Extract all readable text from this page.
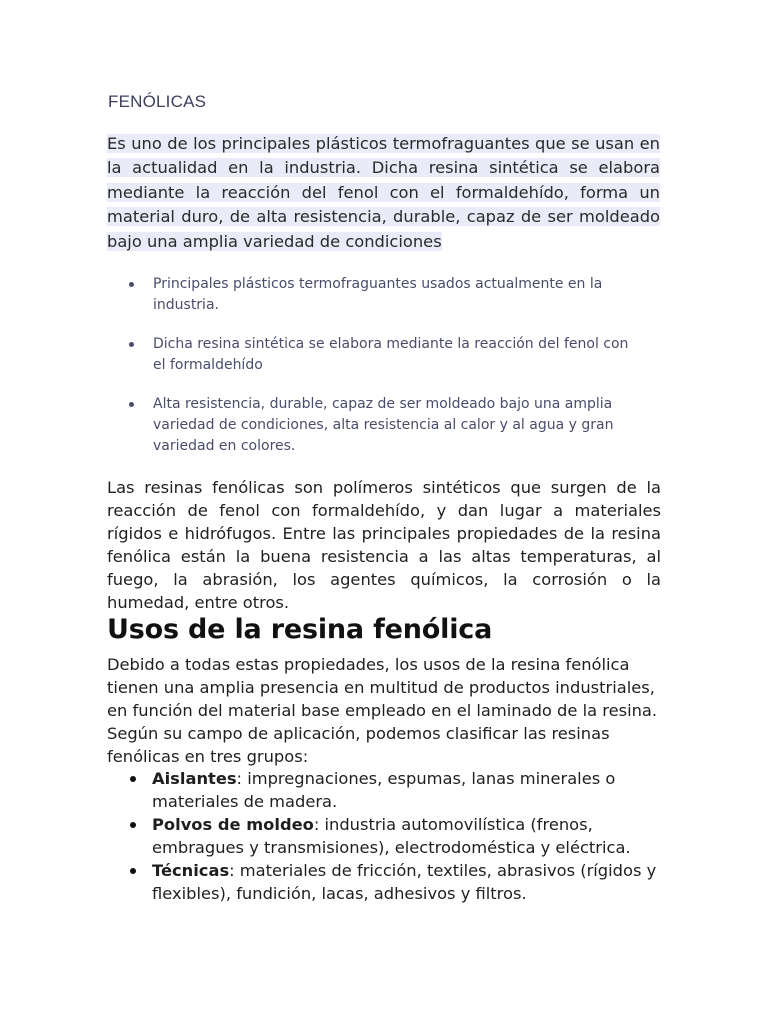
FENÓLICAS
Es uno de los principales plásticos termofraguantes que se usan en la actualidad en la industria. Dicha resina sintética se elabora mediante la reacción del fenol con el formaldehído, forma un material duro, de alta resistencia, durable, capaz de ser moldeado bajo una amplia variedad de condiciones
Principales plásticos termofraguantes usados actualmente en la industria.
Dicha resina sintética se elabora mediante la reacción del fenol con el formaldehído
Alta resistencia, durable, capaz de ser moldeado bajo una amplia variedad de condiciones, alta resistencia al calor y al agua y gran variedad en colores.
Las resinas fenólicas son polímeros sintéticos que surgen de la reacción de fenol con formaldehído, y dan lugar a materiales rígidos e hidrófugos. Entre las principales propiedades de la resina fenólica están la buena resistencia a las altas temperaturas, al fuego, la abrasión, los agentes químicos, la corrosión o la humedad, entre otros.
Usos de la resina fenólica
Debido a todas estas propiedades, los usos de la resina fenólica tienen una amplia presencia en multitud de productos industriales, en función del material base empleado en el laminado de la resina. Según su campo de aplicación, podemos clasificar las resinas fenólicas en tres grupos:
Aislantes: impregnaciones, espumas, lanas minerales o materiales de madera.
Polvos de moldeo: industria automovilística (frenos, embragues y transmisiones), electrodoméstica y eléctrica.
Técnicas: materiales de fricción, textiles, abrasivos (rígidos y flexibles), fundición, lacas, adhesivos y filtros.
